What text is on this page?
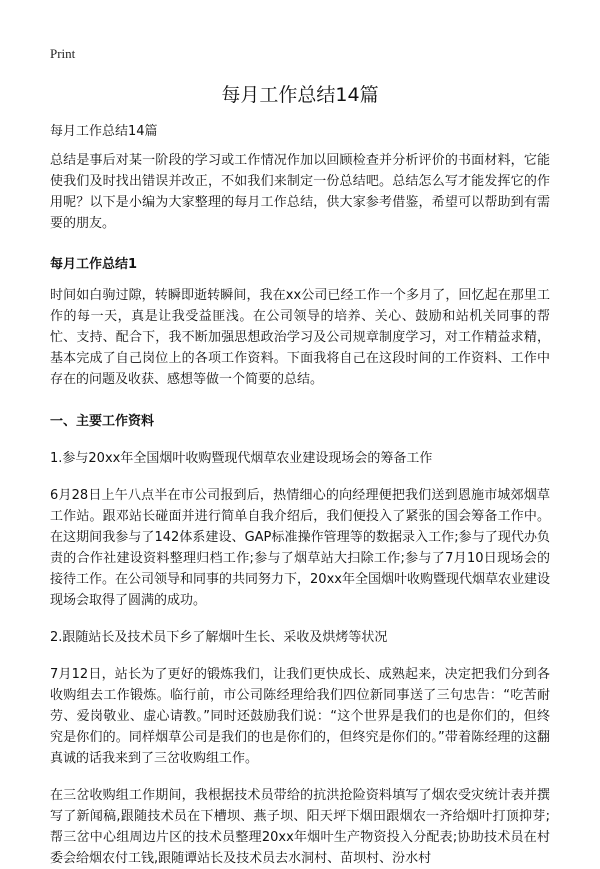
Print
每月工作总结14篇

每月工作总结14篇

总结是事后对某一阶段的学习或工作情况作加以回顾检查并分析评价的书面材料，它能使我们及时找出错误并改正，不如我们来制定一份总结吧。总结怎么写才能发挥它的作用呢？以下是小编为大家整理的每月工作总结，供大家参考借鉴，希望可以帮助到有需要的朋友。

每月工作总结1

时间如白驹过隙，转瞬即逝转瞬间，我在xx公司已经工作一个多月了，回忆起在那里工作的每一天，真是让我受益匪浅。在公司领导的培养、关心、鼓励和站机关同事的帮忙、支持、配合下，我不断加强思想政治学习及公司规章制度学习，对工作精益求精，基本完成了自己岗位上的各项工作资料。下面我将自己在这段时间的工作资料、工作中存在的问题及收获、感想等做一个简要的总结。

一、主要工作资料

1.参与20xx年全国烟叶收购暨现代烟草农业建设现场会的筹备工作

6月28日上午八点半在市公司报到后，热情细心的向经理便把我们送到恩施市城郊烟草工作站。跟邓站长碰面并进行简单自我介绍后，我们便投入了紧张的国会筹备工作中。在这期间我参与了142体系建设、GAP标准操作管理等的数据录入工作;参与了现代办负责的合作社建设资料整理归档工作;参与了烟草站大扫除工作;参与了7月10日现场会的接待工作。在公司领导和同事的共同努力下，20xx年全国烟叶收购暨现代烟草农业建设现场会取得了圆满的成功。

2.跟随站长及技术员下乡了解烟叶生长、采收及烘烤等状况

7月12日，站长为了更好的锻炼我们，让我们更快成长、成熟起来，决定把我们分到各收购组去工作锻炼。临行前，市公司陈经理给我们四位新同事送了三句忠告：“吃苦耐劳、爱岗敬业、虚心请教。”同时还鼓励我们说：“这个世界是我们的也是你们的，但终究是你们的。同样烟草公司是我们的也是你们的，但终究是你们的。”带着陈经理的这翻真诚的话我来到了三岔收购组工作。

在三岔收购组工作期间，我根据技术员带给的抗洪抢险资料填写了烟农受灾统计表并撰写了新闻稿,跟随技术员在下槽坝、燕子坝、阳天坪下烟田跟烟农一齐给烟叶打顶抑芽;帮三岔中心组周边片区的技术员整理20xx年烟叶生产物资投入分配表;协助技术员在村委会给烟农付工钱,跟随谭站长及技术员去水洞村、苗坝村、汾水村
